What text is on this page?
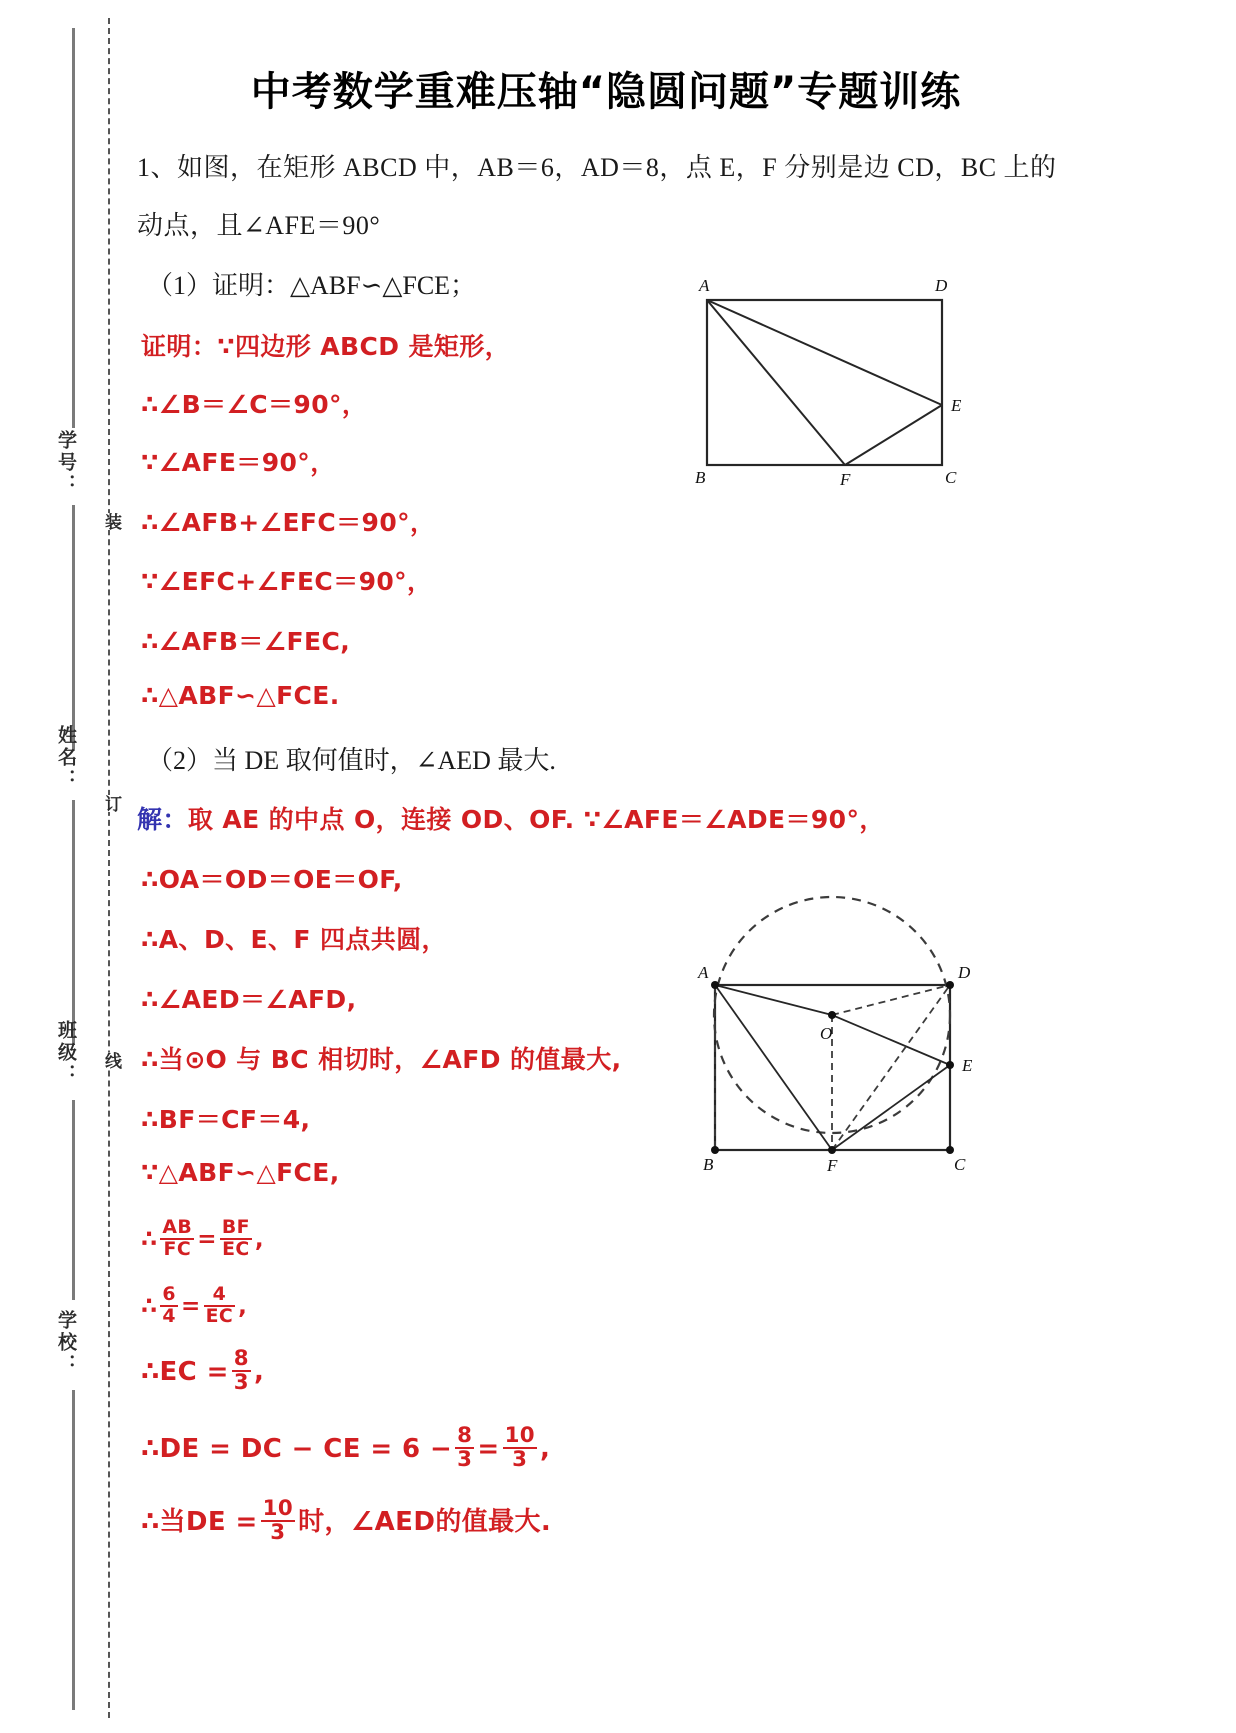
学号：
姓名：
班级：
学校：
装
订
线
中考数学重难压轴“隐圆问题”专题训练
1、如图，在矩形 ABCD 中，AB＝6，AD＝8，点 E，F 分别是边 CD，BC 上的
动点，且∠AFE＝90°
（1）证明：△ABF∽△FCE；
证明：∵四边形 ABCD 是矩形，
∴∠B＝∠C＝90°，
∵∠AFE＝90°，
∴∠AFB+∠EFC＝90°，
∵∠EFC+∠FEC＝90°，
∴∠AFB＝∠FEC,
∴△ABF∽△FCE.
（2）当 DE 取何值时，∠AED 最大.
解：取 AE 的中点 O，连接 OD、OF. ∵∠AFE＝∠ADE＝90°，
∴OA＝OD＝OE＝OF,
∴A、D、E、F 四点共圆，
∴∠AED＝∠AFD,
∴当⊙O 与 BC 相切时，∠AFD 的值最大,
∴BF＝CF＝4,
∵△ABF∽△FCE,
∴ $\frac{AB}{FC} = \frac{BF}{EC}$ ,
∴ $\frac{6}{4} = \frac{4}{EC}$ ,
∴EC = $\frac{8}{3}$ ,
∴DE = DC − CE = $6 - \frac{8}{3} = \frac{10}{3}$ ,
∴当DE = $\frac{10}{3}$ 时，∠AED的值最大.
A	D
E
B	F	C
A	D
E
O
B	F	C
